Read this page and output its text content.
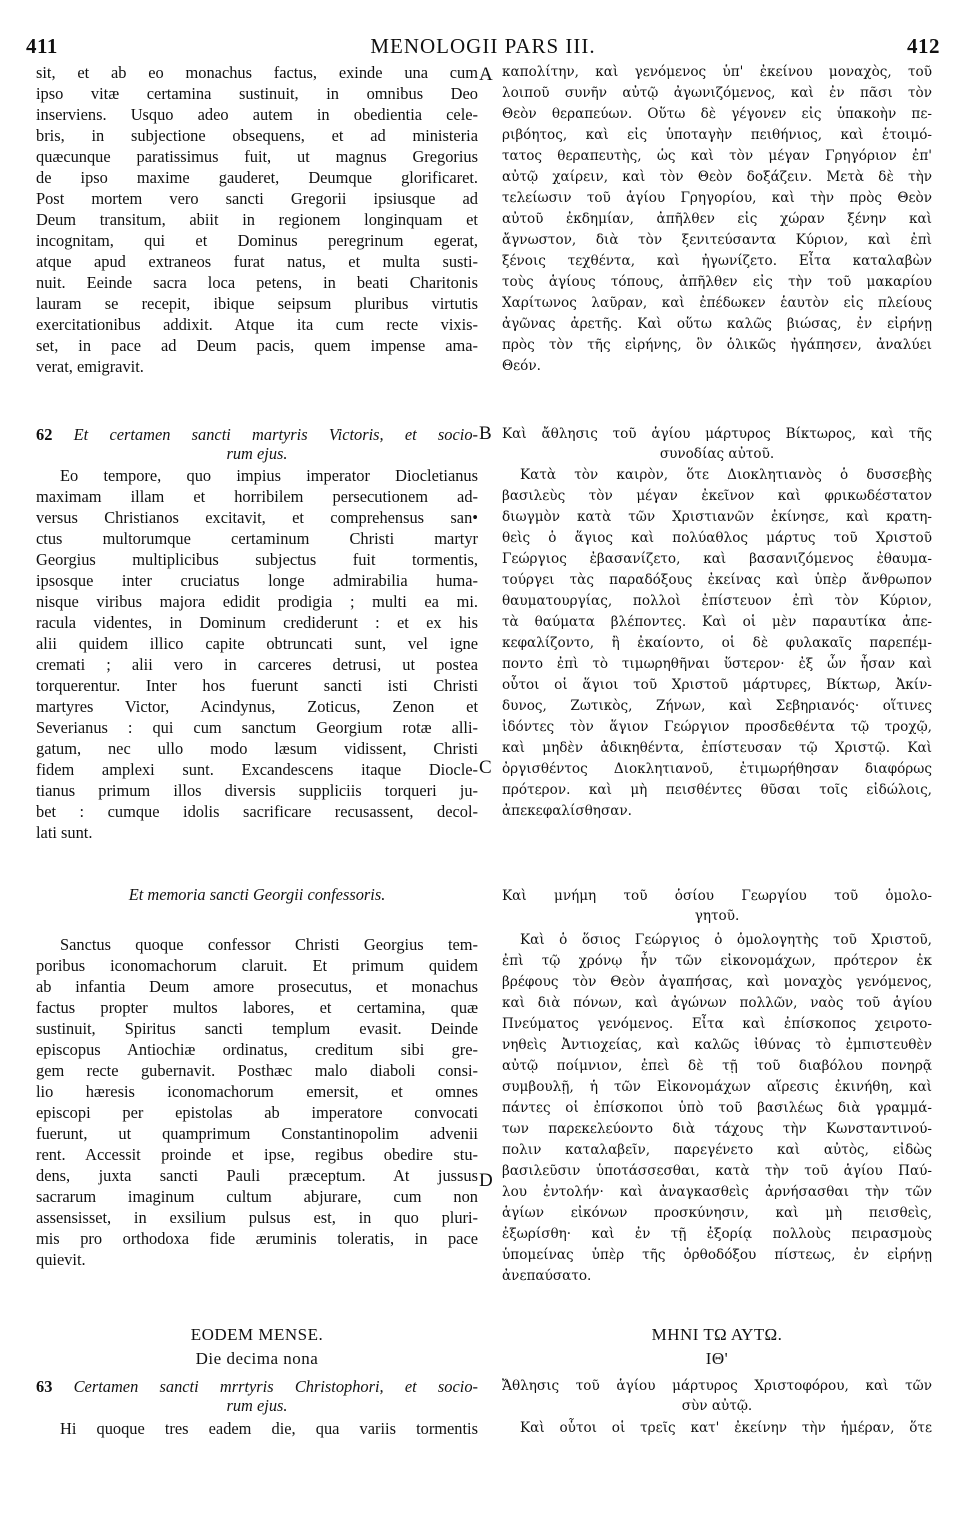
411	MENOLOGII PARS III.	412
A
B
C
D
sit, et ab eo monachus factus, exinde una cum
ipso vitæ certamina sustinuit, in omnibus Deo
inserviens. Usquo adeo autem in obedientia cele-
bris, in subjectione obsequens, et ad ministeria
quæcunque paratissimus fuit, ut magnus Gregorius
de ipso maxime gauderet, Deumque glorificaret.
Post mortem vero sancti Gregorii ipsiusque ad
Deum transitum, abiit in regionem longinquam et
incognitam, qui et Dominus peregrinum egerat,
atque apud extraneos furat natus, et multa susti-
nuit. Eeinde sacra loca petens, in beati Charitonis
lauram se recepit, ibique seipsum pluribus virtutis
exercitationibus addixit. Atque ita cum recte vixis-
set, in pace ad Deum pacis, quem impense ama-
verat, emigravit.
62 Et certamen sancti martyris Victoris, et socio-
rum ejus.
Eo tempore, quo impius imperator Diocletianus
maximam illam et horribilem persecutionem ad-
versus Christianos excitavit, et comprehensus san•
ctus multorumque certaminum Christi martyr
Georgius multiplicibus subjectus fuit tormentis,
ipsosque inter cruciatus longe admirabilia huma-
nisque viribus majora edidit prodigia ; multi ea mi.
racula videntes, in Dominum crediderunt : et ex his
alii quidem illico capite obtruncati sunt, vel igne
cremati ; alii vero in carceres detrusi, ut postea
torquerentur. Inter hos fuerunt sancti isti Christi
martyres Victor, Acindynus, Zoticus, Zenon et
Severianus : qui cum sanctum Georgium rotæ alli-
gatum, nec ullo modo læsum vidissent, Christi
fidem amplexi sunt. Excandescens itaque Diocle-
tianus primum illos diversis suppliciis torqueri ju-
bet : cumque idolis sacrificare recusassent, decol-
lati sunt.
Et memoria sancti Georgii confessoris.
Sanctus quoque confessor Christi Georgius tem-
poribus iconomachorum claruit. Et primum quidem
ab infantia Deum amore prosecutus, et monachus
factus propter multos labores, et certamina, quæ
sustinuit, Spiritus sancti templum evasit. Deinde
episcopus Antiochiæ ordinatus, creditum sibi gre-
gem recte gubernavit. Posthæc malo diaboli consi-
lio hæresis iconomachorum emersit, et omnes
episcopi per epistolas ab imperatore convocati
fuerunt, ut quamprimum Constantinopolim advenii
rent. Accessit proinde et ipse, regibus obedire stu-
dens, juxta sancti Pauli præceptum. At jussus
sacrarum imaginum cultum abjurare, cum non
assensisset, in exsilium pulsus est, in quo pluri-
mis pro orthodoxa fide æruminis toleratis, in pace
quievit.
EODEM MENSE.
Die decima nona
63 Certamen sancti mrrtyris Christophori, et socio-
rum ejus.
Hi quoque tres eadem die, qua variis tormentis
καπολίτην, καὶ γενόμενος ὑπ' ἐκείνου μοναχὸς, τοῦ
λοιποῦ συνῆν αὐτῷ ἀγωνιζόμενος, καὶ ἐν πᾶσι τὸν
Θεὸν θεραπεύων. Οὕτω δὲ γέγονεν εἰς ὑπακοὴν πε-
ριβόητος, καὶ εἰς ὑποταγὴν πειθήνιος, καὶ ἑτοιμό-
τατος θεραπευτὴς, ὡς καὶ τὸν μέγαν Γρηγόριον ἐπ'
αὐτῷ χαίρειν, καὶ τὸν Θεὸν δοξάζειν. Μετὰ δὲ τὴν
τελείωσιν τοῦ ἁγίου Γρηγορίου, καὶ τὴν πρὸς Θεὸν
αὐτοῦ ἐκδημίαν, ἀπῆλθεν εἰς χώραν ξένην καὶ
ἄγνωστον, διὰ τὸν ξενιτεύσαντα Κύριον, καὶ ἐπὶ
ξένοις τεχθέντα, καὶ ἠγωνίζετο. Εἶτα καταλαβὼν
τοὺς ἁγίους τόπους, ἀπῆλθεν εἰς τὴν τοῦ μακαρίου
Χαρίτωνος λαῦραν, καὶ ἐπέδωκεν ἑαυτὸν εἰς πλείους
ἀγῶνας ἀρετῆς. Καὶ οὕτω καλῶς βιώσας, ἐν εἰρήνῃ
πρὸς τὸν τῆς εἰρήνης, ὃν ὁλικῶς ἠγάπησεν, ἀναλύει
Θεόν.
Καὶ ἄθλησις τοῦ ἁγίου μάρτυρος Βίκτωρος, καὶ τῆς
συνοδίας αὐτοῦ.
Κατὰ τὸν καιρὸν, ὅτε Διοκλητιανὸς ὁ δυσσεβὴς
βασιλεὺς τὸν μέγαν ἐκεῖνον καὶ φρικωδέστατον
διωγμὸν κατὰ τῶν Χριστιανῶν ἐκίνησε, καὶ κρατη-
θεὶς ὁ ἅγιος καὶ πολύαθλος μάρτυς τοῦ Χριστοῦ
Γεώργιος ἐβασανίζετο, καὶ βασανιζόμενος ἐθαυμα-
τούργει τὰς παραδόξους ἐκείνας καὶ ὑπὲρ ἄνθρωπον
θαυματουργίας, πολλοὶ ἐπίστευον ἐπὶ τὸν Κύριον,
τὰ θαύματα βλέποντες. Καὶ οἱ μὲν παραυτίκα ἀπε-
κεφαλίζοντο, ἢ ἐκαίοντο, οἱ δὲ φυλακαῖς παρεπέμ-
ποντο ἐπὶ τὸ τιμωρηθῆναι ὕστερον· ἐξ ὧν ἦσαν καὶ
οὗτοι οἱ ἅγιοι τοῦ Χριστοῦ μάρτυρες, Βίκτωρ, Ἀκίν-
δυνος, Ζωτικὸς, Ζήνων, καὶ Σεβηριανός· οἵτινες
ἰδόντες τὸν ἅγιον Γεώργιον προσδεθέντα τῷ τροχῷ,
καὶ μηδὲν ἀδικηθέντα, ἐπίστευσαν τῷ Χριστῷ. Καὶ
ὀργισθέντος Διοκλητιανοῦ, ἐτιμωρήθησαν διαφόρως
πρότερον. καὶ μὴ πεισθέντες θῦσαι τοῖς εἰδώλοις,
ἀπεκεφαλίσθησαν.
Καὶ μνήμη τοῦ ὁσίου Γεωργίου τοῦ ὁμολο-
γητοῦ.
Καὶ ὁ ὅσιος Γεώργιος ὁ ὁμολογητὴς τοῦ Χριστοῦ,
ἐπὶ τῷ χρόνῳ ἦν τῶν εἰκονομάχων, πρότερον ἐκ
βρέφους τὸν Θεὸν ἀγαπήσας, καὶ μοναχὸς γενόμενος,
καὶ διὰ πόνων, καὶ ἀγώνων πολλῶν, ναὸς τοῦ ἁγίου
Πνεύματος γενόμενος. Εἶτα καὶ ἐπίσκοπος χειροτο-
νηθεὶς Ἀντιοχείας, καὶ καλῶς ἰθύνας τὸ ἐμπιστευθὲν
αὐτῷ ποίμνιον, ἐπεὶ δὲ τῇ τοῦ διαβόλου πονηρᾷ
συμβουλῇ, ἡ τῶν Εἰκονομάχων αἵρεσις ἐκινήθη, καὶ
πάντες οἱ ἐπίσκοποι ὑπὸ τοῦ βασιλέως διὰ γραμμά-
των παρεκελεύοντο διὰ τάχους τὴν Κωνσταντινού-
πολιν καταλαβεῖν, παρεγένετο καὶ αὐτὸς, εἰδὼς
βασιλεῦσιν ὑποτάσσεσθαι, κατὰ τὴν τοῦ ἁγίου Παύ-
λου ἐντολήν· καὶ ἀναγκασθεὶς ἀρνήσασθαι τὴν τῶν
ἁγίων εἰκόνων προσκύνησιν, καὶ μὴ πεισθεὶς,
ἐξωρίσθη· καὶ ἐν τῇ ἐξορίᾳ πολλοὺς πειρασμοὺς
ὑπομείνας ὑπὲρ τῆς ὀρθοδόξου πίστεως, ἐν εἰρήνῃ
ἀνεπαύσατο.
ΜΗΝΙ ΤΩ ΑΥΤΩ.
ΙΘ'
Ἄθλησις τοῦ ἁγίου μάρτυρος Χριστοφόρου, καὶ τῶν
σὺν αὐτῷ.
Καὶ οὗτοι οἱ τρεῖς κατ' ἐκείνην τὴν ἡμέραν, ὅτε
